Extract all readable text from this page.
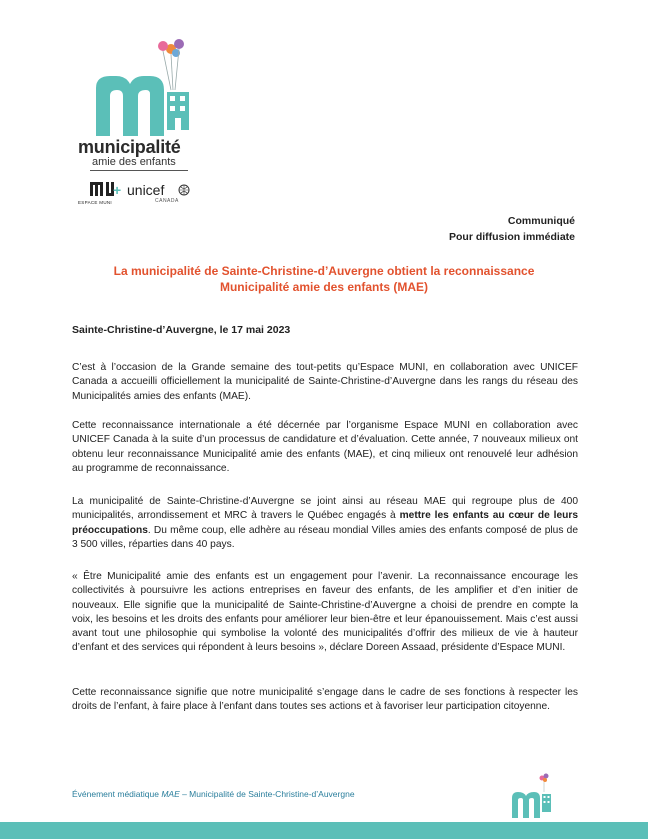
municipalité
amie des enfants
ESPACE MUNI
+ unicef
CANADA
Communiqué
Pour diffusion immédiate
La municipalité de Sainte-Christine-d’Auvergne obtient la reconnaissance
Municipalité amie des enfants (MAE)
Sainte-Christine-d’Auvergne, le 17 mai 2023
C’est à l’occasion de la Grande semaine des tout-petits qu’Espace MUNI, en collaboration avec UNICEF Canada a accueilli officiellement la municipalité de Sainte-Christine-d’Auvergne dans les rangs du réseau des Municipalités amies des enfants (MAE).
Cette reconnaissance internationale a été décernée par l’organisme Espace MUNI en collaboration avec UNICEF Canada à la suite d’un processus de candidature et d’évaluation. Cette année, 7 nouveaux milieux ont obtenu leur reconnaissance Municipalité amie des enfants (MAE), et cinq milieux ont renouvelé leur adhésion au programme de reconnaissance.
La municipalité de Sainte-Christine-d’Auvergne se joint ainsi au réseau MAE qui regroupe plus de 400 municipalités, arrondissement et MRC à travers le Québec engagés à mettre les enfants au cœur de leurs préoccupations. Du même coup, elle adhère au réseau mondial Villes amies des enfants composé de plus de 3 500 villes, réparties dans 40 pays.
« Être Municipalité amie des enfants est un engagement pour l’avenir. La reconnaissance encourage les collectivités à poursuivre les actions entreprises en faveur des enfants, de les amplifier et d’en initier de nouveaux. Elle signifie que la municipalité de Sainte-Christine-d’Auvergne a choisi de prendre en compte la voix, les besoins et les droits des enfants pour améliorer leur bien-être et leur épanouissement. Mais c’est aussi avant tout une philosophie qui symbolise la volonté des municipalités d’offrir des milieux de vie à hauteur d’enfant et des services qui répondent à leurs besoins », déclare Doreen Assaad, présidente d’Espace MUNI.
Cette reconnaissance signifie que notre municipalité s’engage dans le cadre de ses fonctions à respecter les droits de l’enfant, à faire place à l’enfant dans toutes ses actions et à favoriser leur participation citoyenne.
Événement médiatique MAE – Municipalité de Sainte-Christine-d’Auvergne
